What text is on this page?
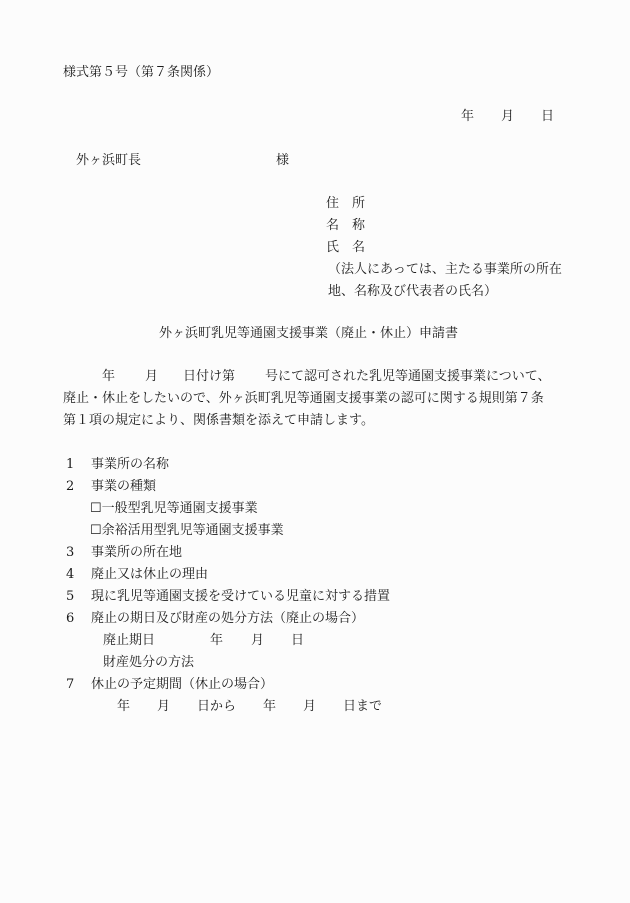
様式第５号（第７条関係）
年 月 日
外ヶ浜町長	様
住　所
名　称
氏　名
（法人にあっては、主たる事業所の所在
地、名称及び代表者の氏名）
外ヶ浜町乳児等通園支援事業（廃止・休止）申請書
年 月 日付け第 号にて認可された乳児等通園支援事業について、
廃止・休止をしたいので、外ヶ浜町乳児等通園支援事業の認可に関する規則第７条
第１項の規定により、関係書類を添えて申請します。
1 事業所の名称
2 事業の種類
☐一般型乳児等通園支援事業
☐余裕活用型乳児等通園支援事業
3 事業所の所在地
4 廃止又は休止の理由
5 現に乳児等通園支援を受けている児童に対する措置
6 廃止の期日及び財産の処分方法（廃止の場合）
廃止期日	年 月 日
財産処分の方法
7 休止の予定期間（休止の場合）
年 月 日から 年 月 日まで
